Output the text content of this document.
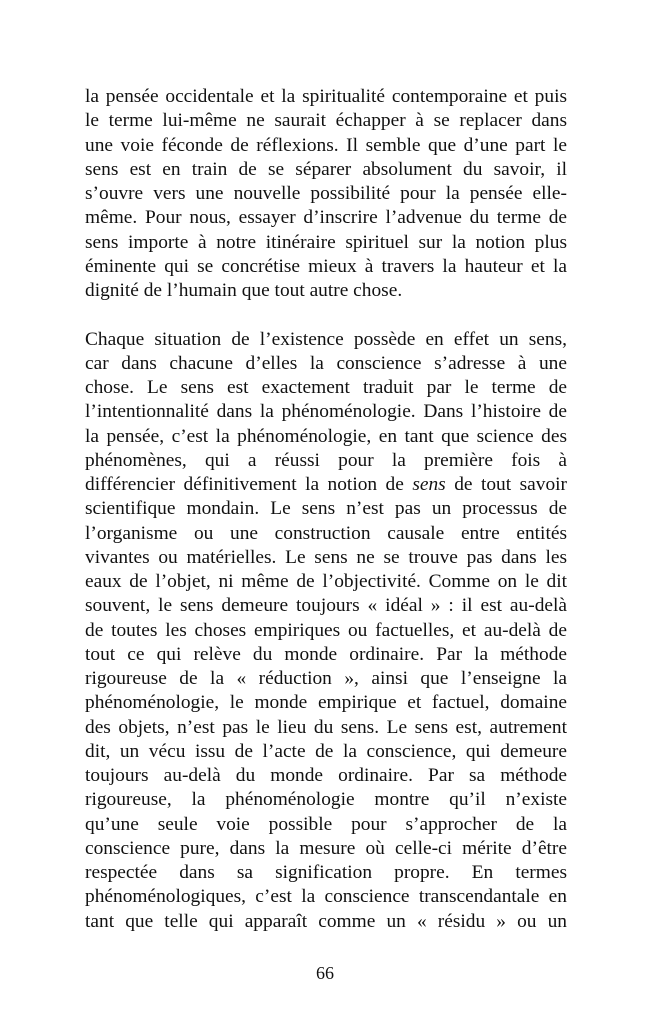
la pensée occidentale et la spiritualité contemporaine et puis
le terme lui-même ne saurait échapper à se replacer dans
une voie féconde de réflexions. Il semble que d’une part le
sens est en train de se séparer absolument du savoir, il
s’ouvre vers une nouvelle possibilité pour la pensée elle-
même. Pour nous, essayer d’inscrire l’advenue du terme de
sens importe à notre itinéraire spirituel sur la notion plus
éminente qui se concrétise mieux à travers la hauteur et la
dignité de l’humain que tout autre chose.
Chaque situation de l’existence possède en effet un sens,
car dans chacune d’elles la conscience s’adresse à une
chose. Le sens est exactement traduit par le terme de
l’intentionnalité dans la phénoménologie. Dans l’histoire de
la pensée, c’est la phénoménologie, en tant que science des
phénomènes, qui a réussi pour la première fois à
différencier définitivement la notion de sens de tout savoir
scientifique mondain. Le sens n’est pas un processus de
l’organisme ou une construction causale entre entités
vivantes ou matérielles. Le sens ne se trouve pas dans les
eaux de l’objet, ni même de l’objectivité. Comme on le dit
souvent, le sens demeure toujours « idéal » : il est au-delà
de toutes les choses empiriques ou factuelles, et au-delà de
tout ce qui relève du monde ordinaire. Par la méthode
rigoureuse de la « réduction », ainsi que l’enseigne la
phénoménologie, le monde empirique et factuel, domaine
des objets, n’est pas le lieu du sens. Le sens est, autrement
dit, un vécu issu de l’acte de la conscience, qui demeure
toujours au-delà du monde ordinaire. Par sa méthode
rigoureuse, la phénoménologie montre qu’il n’existe
qu’une seule voie possible pour s’approcher de la
conscience pure, dans la mesure où celle-ci mérite d’être
respectée dans sa signification propre. En termes
phénoménologiques, c’est la conscience transcendantale en
tant que telle qui apparaît comme un « résidu » ou un
66
